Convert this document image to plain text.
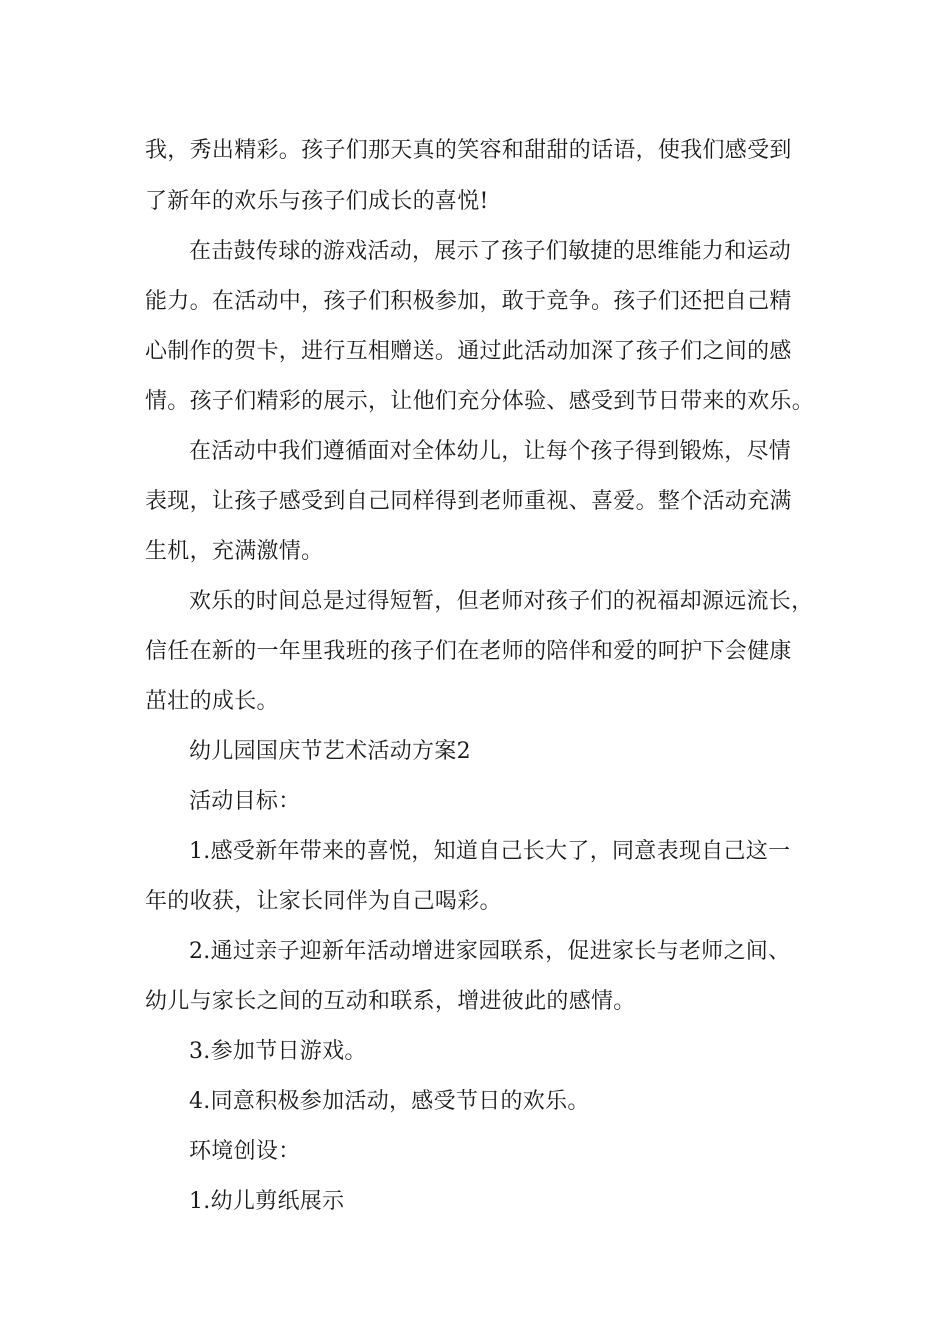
我，秀出精彩。孩子们那天真的笑容和甜甜的话语，使我们感受到
了新年的欢乐与孩子们成长的喜悦!
在击鼓传球的游戏活动，展示了孩子们敏捷的思维能力和运动
能力。在活动中，孩子们积极参加，敢于竞争。孩子们还把自己精
心制作的贺卡，进行互相赠送。通过此活动加深了孩子们之间的感
情。孩子们精彩的展示，让他们充分体验、感受到节日带来的欢乐。
在活动中我们遵循面对全体幼儿，让每个孩子得到锻炼，尽情
表现，让孩子感受到自己同样得到老师重视、喜爱。整个活动充满
生机，充满激情。
欢乐的时间总是过得短暂，但老师对孩子们的祝福却源远流长，
信任在新的一年里我班的孩子们在老师的陪伴和爱的呵护下会健康
茁壮的成长。
幼儿园国庆节艺术活动方案2
活动目标：
1.感受新年带来的喜悦，知道自己长大了，同意表现自己这一
年的收获，让家长同伴为自己喝彩。
2.通过亲子迎新年活动增进家园联系，促进家长与老师之间、
幼儿与家长之间的互动和联系，增进彼此的感情。
3.参加节日游戏。
4.同意积极参加活动，感受节日的欢乐。
环境创设：
1.幼儿剪纸展示
